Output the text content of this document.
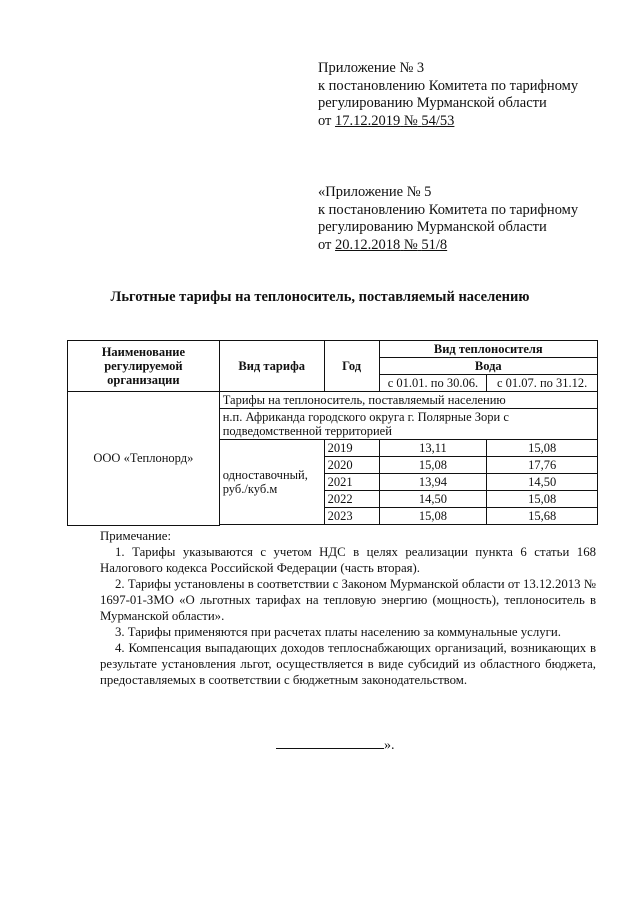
Приложение № 3
к постановлению Комитета по тарифному
регулированию Мурманской области
от 17.12.2019 № 54/53
«Приложение № 5
к постановлению Комитета по тарифному
регулированию Мурманской области
от 20.12.2018 № 51/8
Льготные тарифы на теплоноситель, поставляемый населению
Наименование регулируемой организации	Вид тарифа	Год	Вид теплоносителя	
			Вода	
			с 01.01. по 30.06.	с 01.07. по 31.12.
ООО «Теплонорд»	Тарифы на теплоноситель, поставляемый населению			
	н.п. Африканда городского округа г. Полярные Зори с подведомственной территорией			
	одноставочный, руб./куб.м	2019	13,11	15,08
		2020	15,08	17,76
		2021	13,94	14,50
		2022	14,50	15,08
		2023	15,08	15,68

Примечание:

1. Тарифы указываются с учетом НДС в целях реализации пункта 6 статьи 168 Налогового кодекса Российской Федерации (часть вторая).

2. Тарифы установлены в соответствии с Законом Мурманской области от 13.12.2013 № 1697-01-ЗМО «О льготных тарифах на тепловую энергию (мощность), теплоноситель в Мурманской области».

3. Тарифы применяются при расчетах платы населению за коммунальные услуги.

4. Компенсация выпадающих доходов теплоснабжающих организаций, возникающих в результате установления льгот, осуществляется в виде субсидий из областного бюджета, предоставляемых в соответствии с бюджетным законодательством.

».
